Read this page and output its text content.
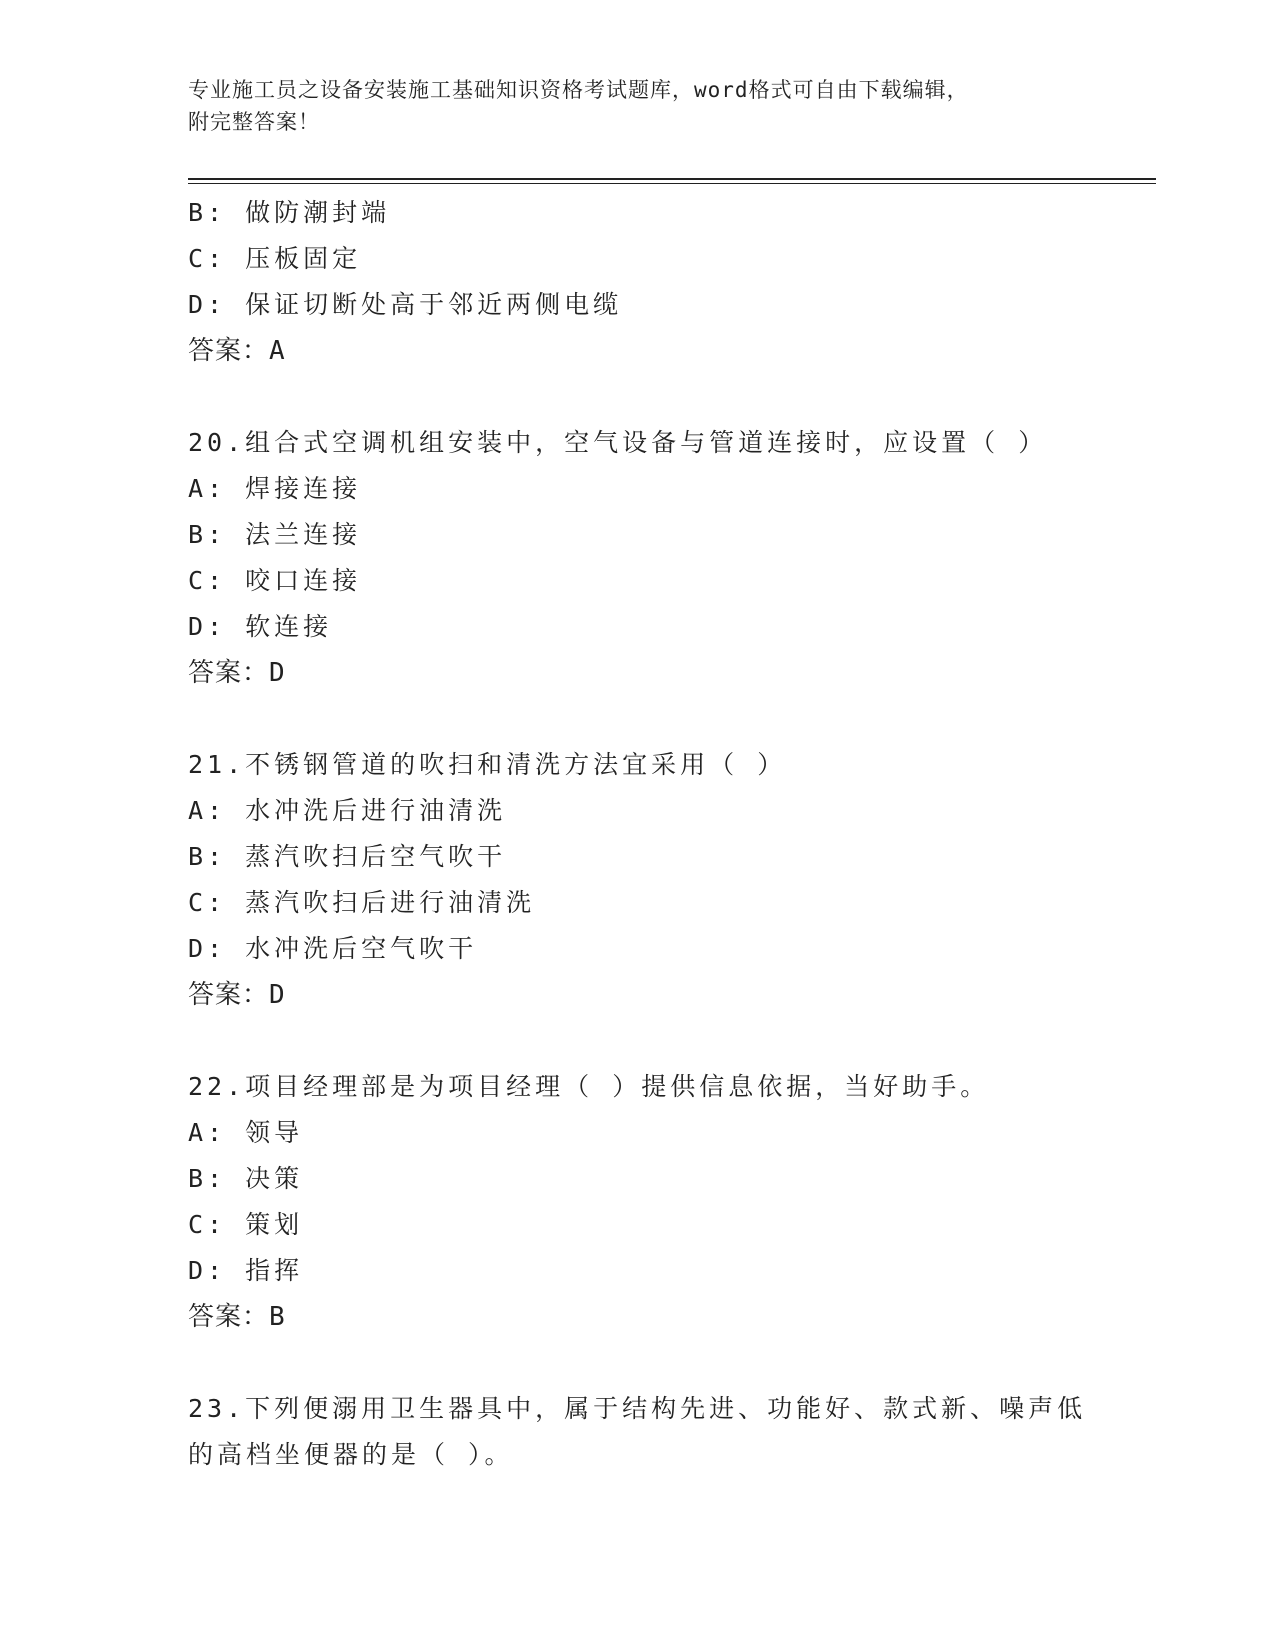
专业施工员之设备安装施工基础知识资格考试题库，word格式可自由下载编辑，
附完整答案！
B: 做防潮封端
C: 压板固定
D: 保证切断处高于邻近两侧电缆
答案：A
20.组合式空调机组安装中，空气设备与管道连接时，应设置（ ）
A: 焊接连接
B: 法兰连接
C: 咬口连接
D: 软连接
答案：D
21.不锈钢管道的吹扫和清洗方法宜采用（ ）
A: 水冲洗后进行油清洗
B: 蒸汽吹扫后空气吹干
C: 蒸汽吹扫后进行油清洗
D: 水冲洗后空气吹干
答案：D
22.项目经理部是为项目经理（ ）提供信息依据，当好助手。
A: 领导
B: 决策
C: 策划
D: 指挥
答案：B
23.下列便溺用卫生器具中，属于结构先进、功能好、款式新、噪声低
的高档坐便器的是（ ）。
